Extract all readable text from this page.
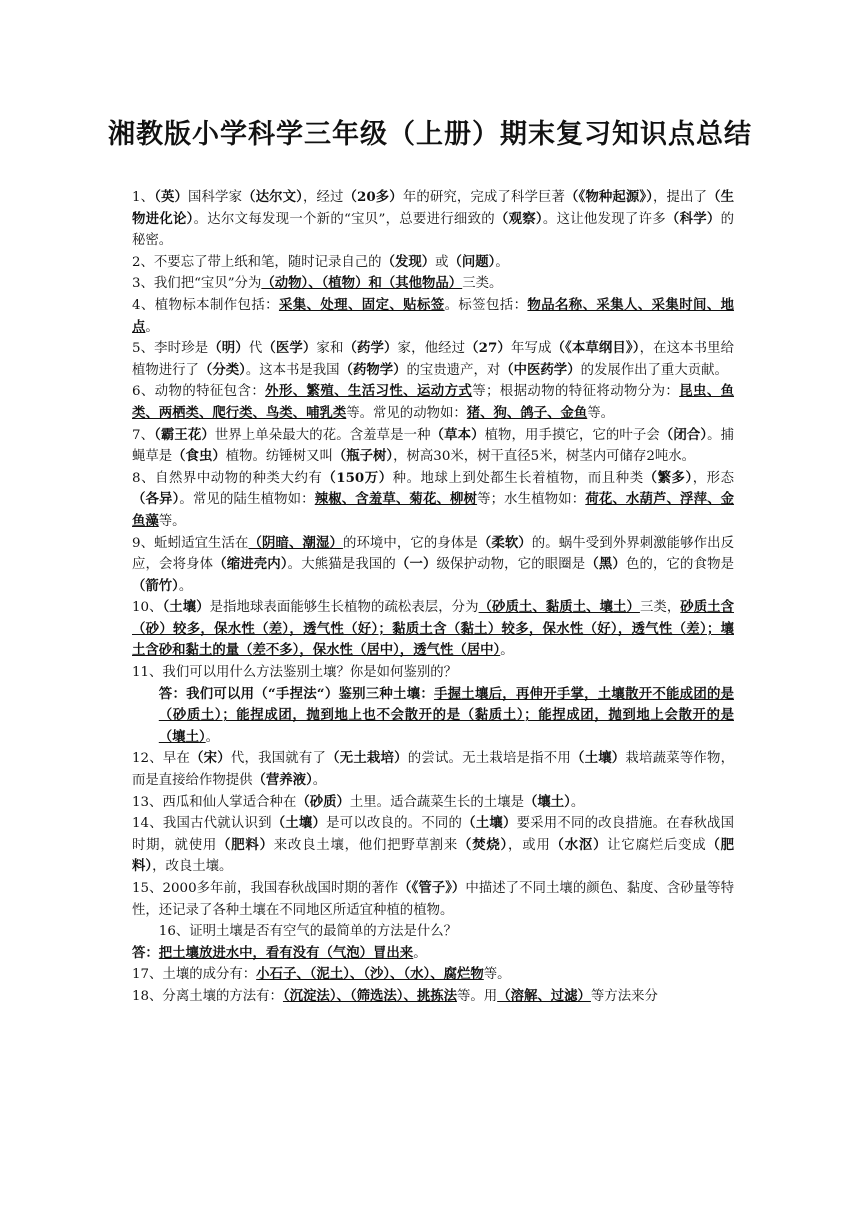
湘教版小学科学三年级（上册）期末复习知识点总结

1、（英）国科学家（达尔文），经过（20多）年的研究，完成了科学巨著（《物种起源》），提出了（生物进化论）。达尔文每发现一个新的“宝贝”，总要进行细致的（观察）。这让他发现了许多（科学）的秘密。

2、不要忘了带上纸和笔，随时记录自己的（发现）或（问题）。

3、我们把“宝贝”分为（动物）、（植物）和（其他物品）三类。

4、植物标本制作包括：采集、处理、固定、贴标签。标签包括：物品名称、采集人、采集时间、地点。

5、李时珍是（明）代（医学）家和（药学）家，他经过（27）年写成（《本草纲目》），在这本书里给植物进行了（分类）。这本书是我国（药物学）的宝贵遗产，对（中医药学）的发展作出了重大贡献。

6、动物的特征包含：外形、繁殖、生活习性、运动方式等；根据动物的特征将动物分为：昆虫、鱼类、两栖类、爬行类、鸟类、哺乳类等。常见的动物如：猪、狗、鸽子、金鱼等。

7、（霸王花）世界上单朵最大的花。含羞草是一种（草本）植物，用手摸它，它的叶子会（闭合）。捕蝇草是（食虫）植物。纺锤树又叫（瓶子树），树高30米，树干直径5米，树茎内可储存2吨水。

8、自然界中动物的种类大约有（150万）种。地球上到处都生长着植物，而且种类（繁多），形态（各异）。常见的陆生植物如：辣椒、含羞草、菊花、柳树等；水生植物如：荷花、水葫芦、浮萍、金鱼藻等。

9、蚯蚓适宜生活在（阴暗、潮湿）的环境中，它的身体是（柔软）的。蜗牛受到外界刺激能够作出反应，会将身体（缩进壳内）。大熊猫是我国的（一）级保护动物，它的眼圈是（黑）色的，它的食物是（箭竹）。

10、（土壤）是指地球表面能够生长植物的疏松表层，分为（砂质土、黏质土、壤土）三类，砂质土含（砂）较多，保水性（差），透气性（好）；黏质土含（黏土）较多，保水性（好），透气性（差）；壤土含砂和黏土的量（差不多），保水性（居中），透气性（居中）。

11、我们可以用什么方法鉴别土壤？你是如何鉴别的？

答：我们可以用（“手捏法“）鉴别三种土壤：手握土壤后，再伸开手掌，土壤散开不能成团的是（砂质土）；能捏成团，抛到地上也不会散开的是（黏质土）；能捏成团，抛到地上会散开的是（壤土）。

12、早在（宋）代，我国就有了（无土栽培）的尝试。无土栽培是指不用（土壤）栽培蔬菜等作物，而是直接给作物提供（营养液）。

13、西瓜和仙人掌适合种在（砂质）土里。适合蔬菜生长的土壤是（壤土）。

14、我国古代就认识到（土壤）是可以改良的。不同的（土壤）要采用不同的改良措施。在春秋战国时期，就使用（肥料）来改良土壤，他们把野草割来（焚烧），或用（水沤）让它腐烂后变成（肥料），改良土壤。

15、2000多年前，我国春秋战国时期的著作（《管子》）中描述了不同土壤的颜色、黏度、含砂量等特性，还记录了各种土壤在不同地区所适宜种植的植物。

16、证明土壤是否有空气的最简单的方法是什么？

答：把土壤放进水中，看有没有（气泡）冒出来。

17、土壤的成分有：小石子、（泥土）、（沙）、（水）、腐烂物等。

18、分离土壤的方法有：（沉淀法）、（筛选法）、挑拣法等。用（溶解、过滤）等方法来分
